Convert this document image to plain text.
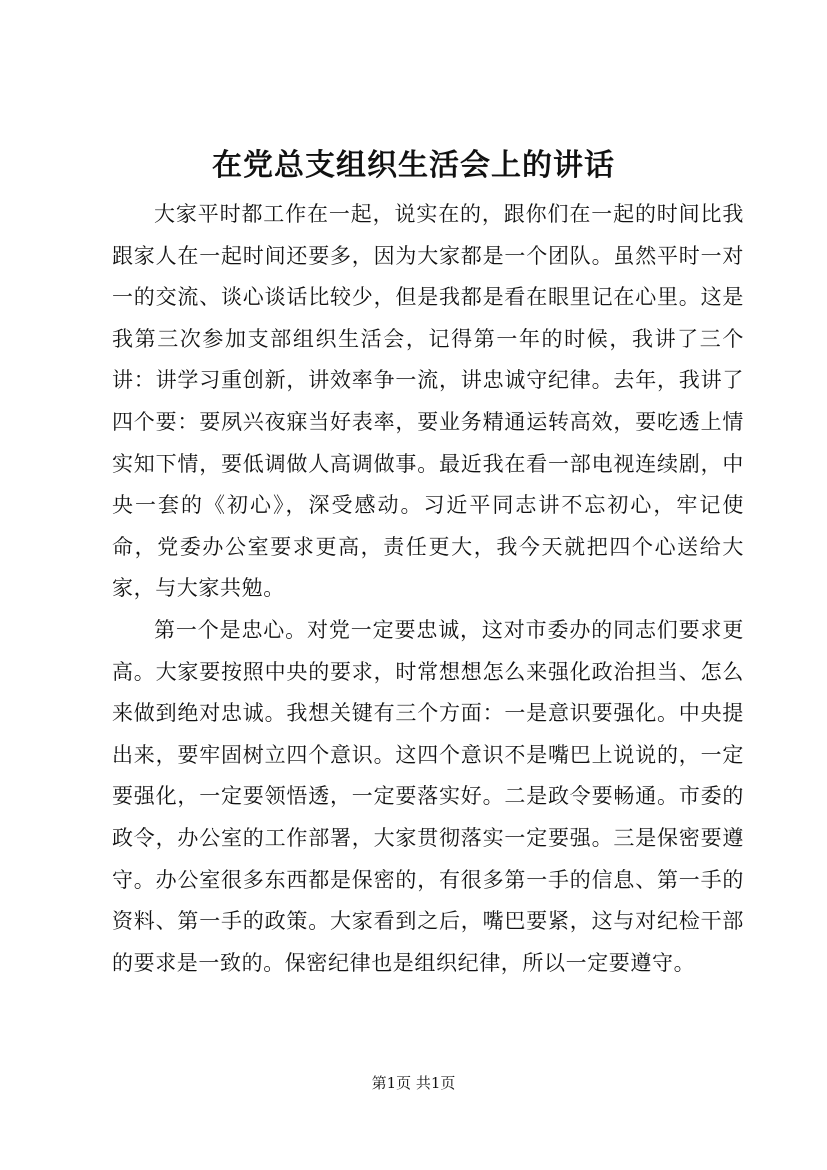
在党总支组织生活会上的讲话

大家平时都工作在一起，说实在的，跟你们在一起的时间比我跟家人在一起时间还要多，因为大家都是一个团队。虽然平时一对一的交流、谈心谈话比较少，但是我都是看在眼里记在心里。这是我第三次参加支部组织生活会，记得第一年的时候，我讲了三个讲：讲学习重创新，讲效率争一流，讲忠诚守纪律。去年，我讲了四个要：要夙兴夜寐当好表率，要业务精通运转高效，要吃透上情实知下情，要低调做人高调做事。最近我在看一部电视连续剧，中央一套的《初心》，深受感动。习近平同志讲不忘初心，牢记使命，党委办公室要求更高，责任更大，我今天就把四个心送给大家，与大家共勉。

第一个是忠心。对党一定要忠诚，这对市委办的同志们要求更高。大家要按照中央的要求，时常想想怎么来强化政治担当、怎么来做到绝对忠诚。我想关键有三个方面：一是意识要强化。中央提出来，要牢固树立四个意识。这四个意识不是嘴巴上说说的，一定要强化，一定要领悟透，一定要落实好。二是政令要畅通。市委的政令，办公室的工作部署，大家贯彻落实一定要强。三是保密要遵守。办公室很多东西都是保密的，有很多第一手的信息、第一手的资料、第一手的政策。大家看到之后，嘴巴要紧，这与对纪检干部的要求是一致的。保密纪律也是组织纪律，所以一定要遵守。

第1页 共1页
